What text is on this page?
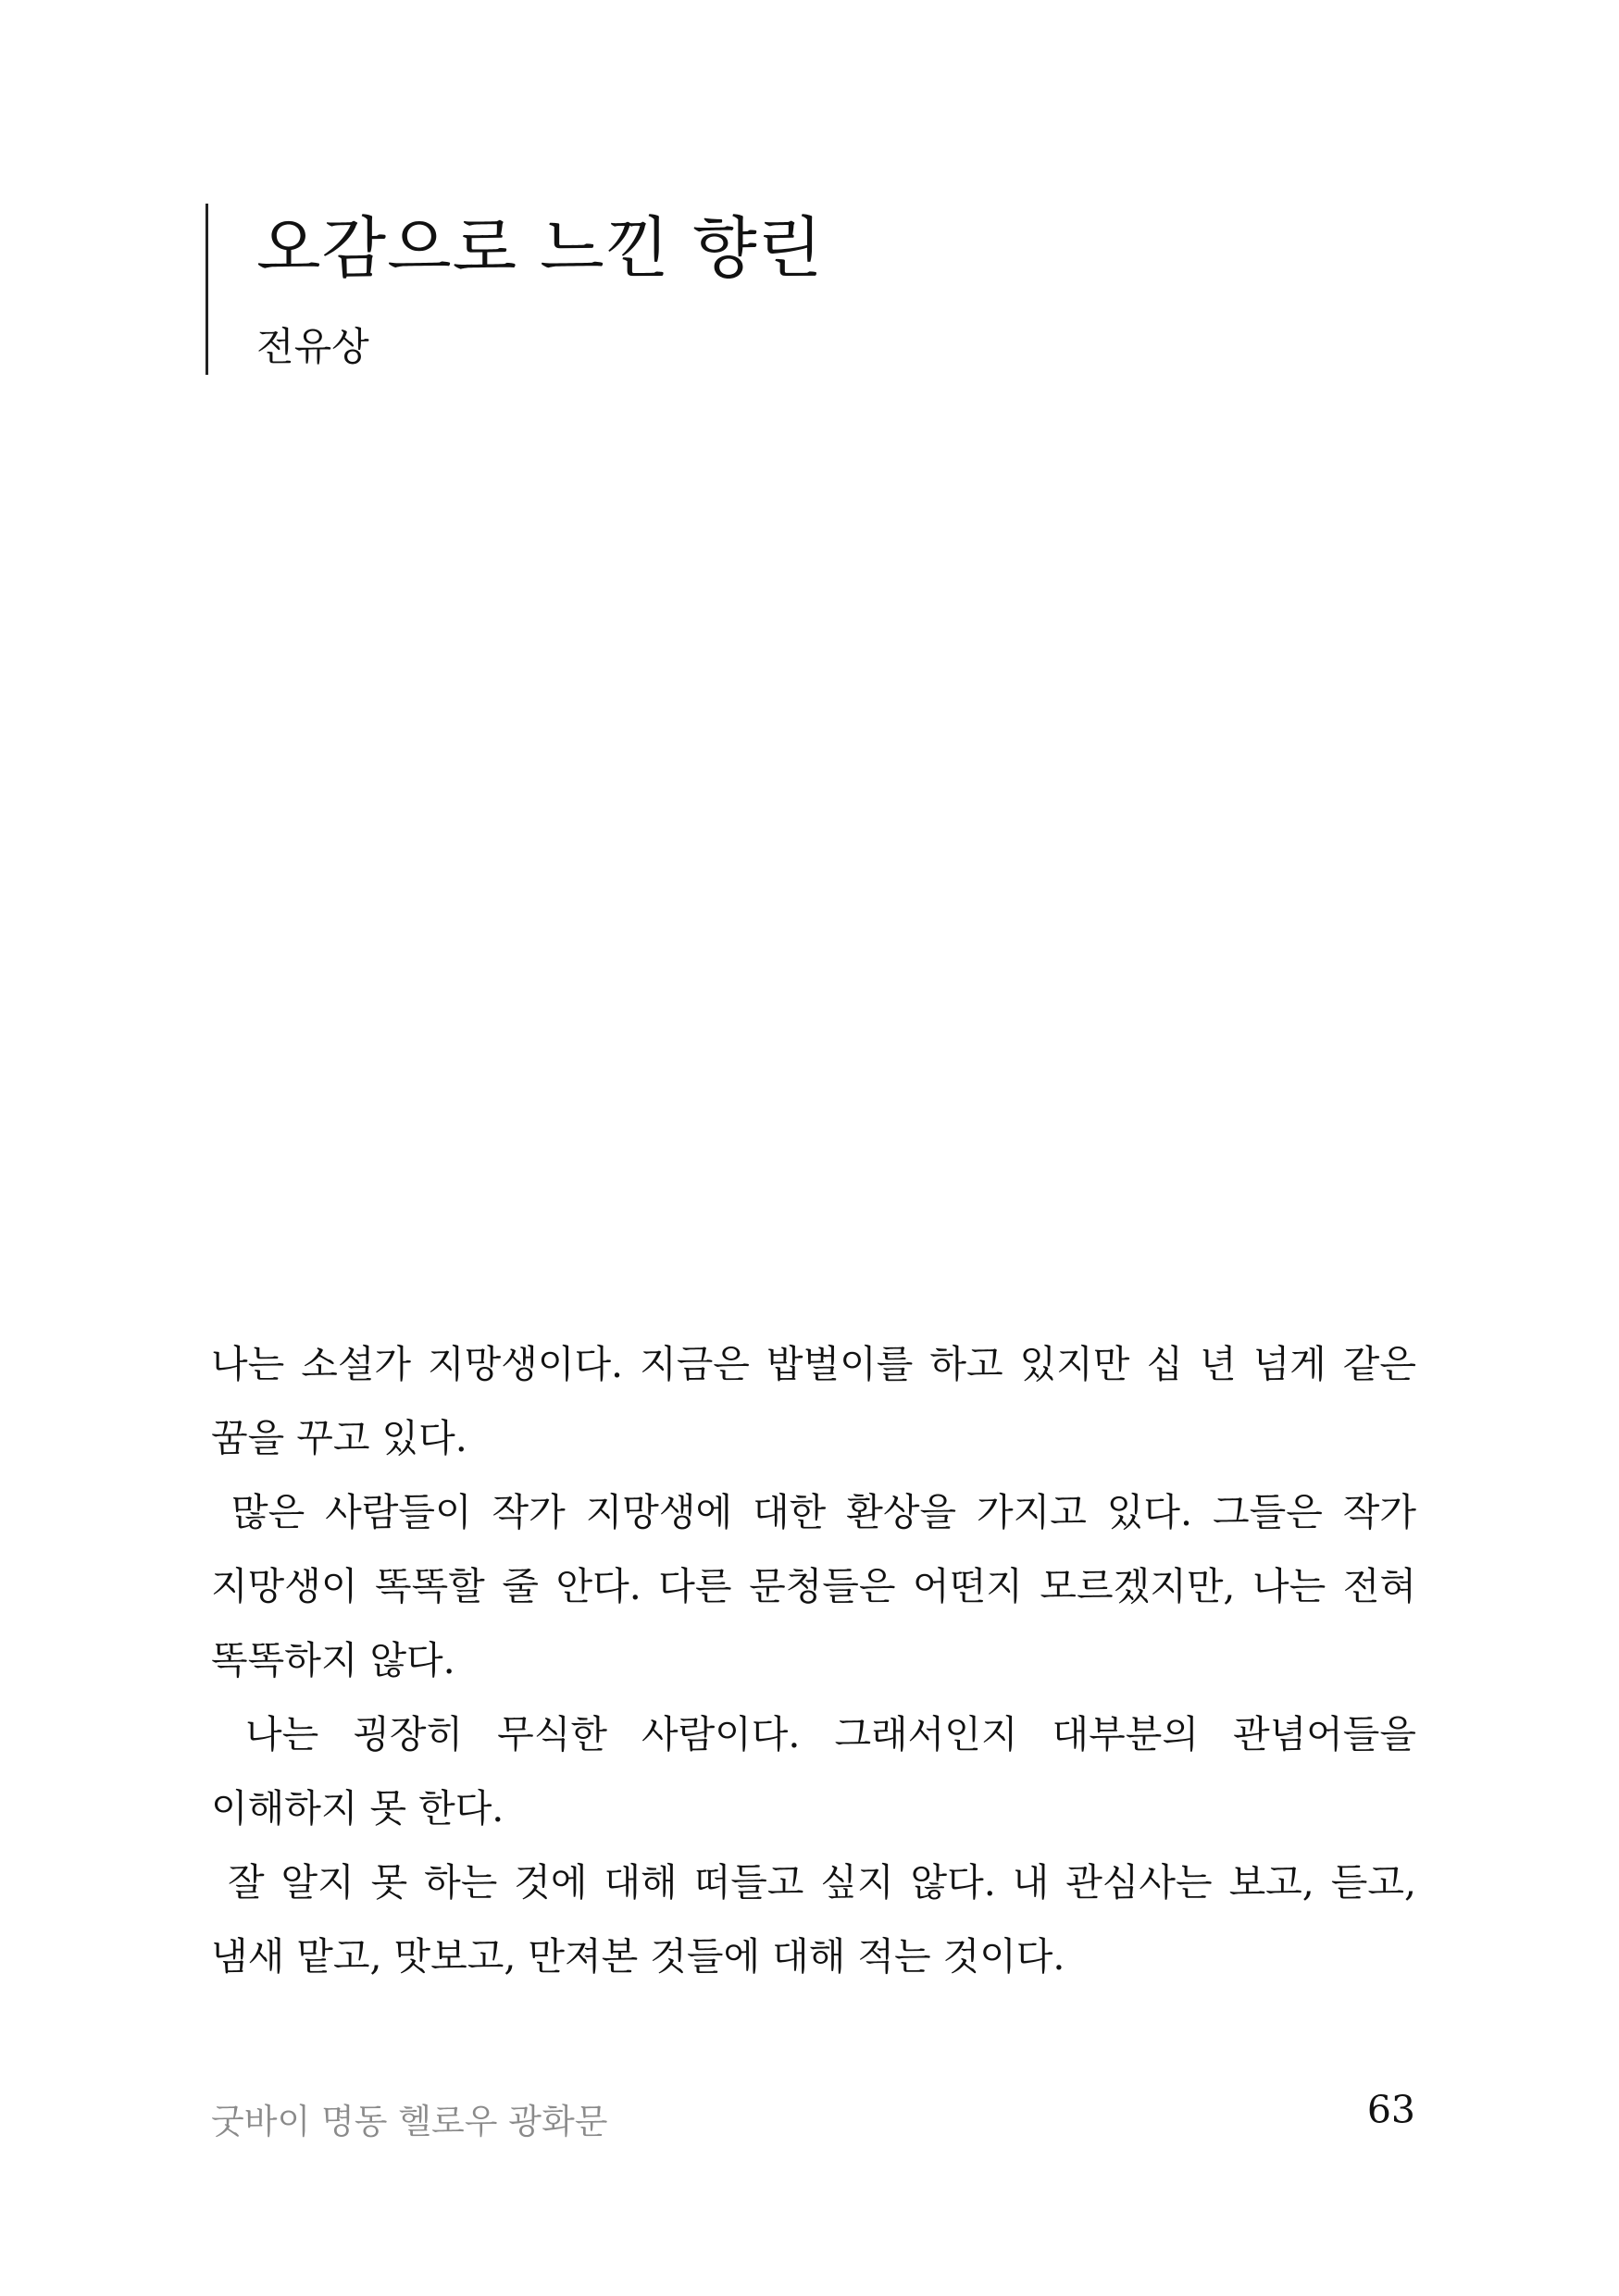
오감으로 느낀 향린
전유상

나는 소설가 지망생이다. 지금은 밥벌이를 하고 있지만 십 년 넘게 같은 꿈을 꾸고 있다.

많은 사람들이 작가 지망생에 대한 환상을 가지고 있다. 그들은 작가 지망생이 똑똑할 줄 안다. 다른 문청들은 어떤지 모르겠지만, 나는 전혀 똑똑하지 않다.

나는 굉장히 무식한 사람이다. 그래서인지 대부분의 관념어들을 이해하지 못 한다.

잘 알지 못 하는 것에 대해 떠들고 싶지 않다. 내 관심사는 보고, 듣고, 냄새 맡고, 맛보고, 만져본 것들에 대해 적는 것이다.

굿바이 명동 헬로우 광화문	63
